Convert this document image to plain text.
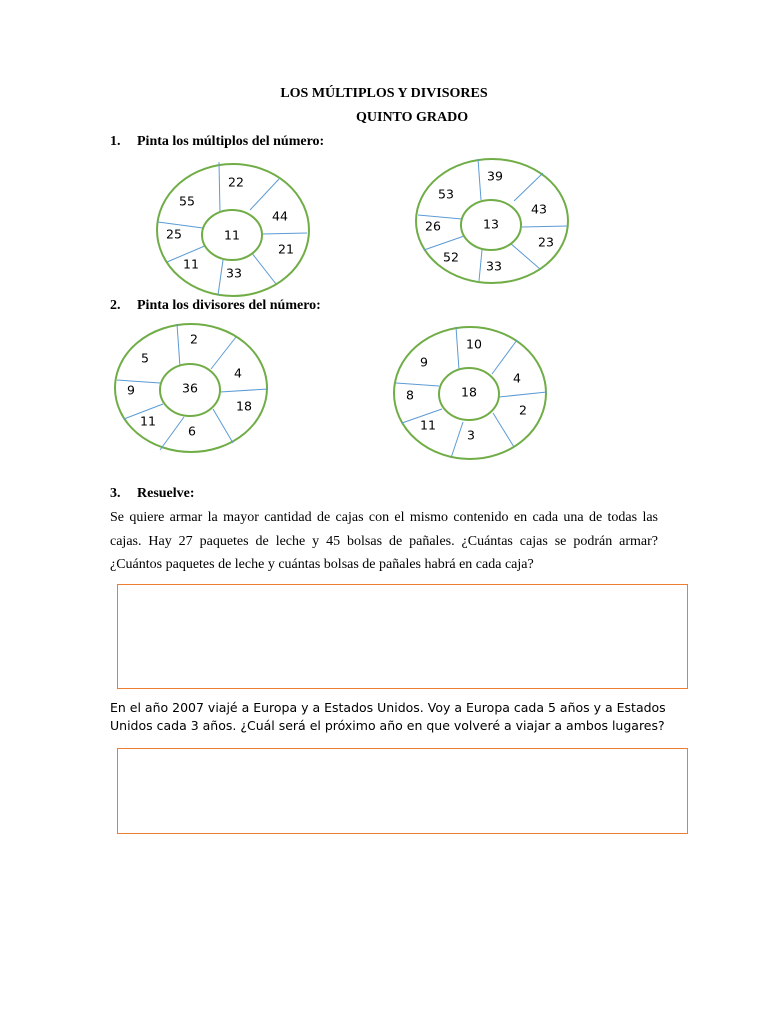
LOS MÚLTIPLOS Y DIVISORES
QUINTO GRADO
1. Pinta los múltiplos del número:
11
22
44
21
33
11
25
55
13
39
43
23
33
52
26
53
2. Pinta los divisores del número:
36
2
4
18
6
11
9
5
18
10
4
2
3
11
8
9
3. Resuelve:

Se quiere armar la mayor cantidad de cajas con el mismo contenido en cada una de todas las cajas. Hay 27 paquetes de leche y 45 bolsas de pañales. ¿Cuántas cajas se podrán armar? ¿Cuántos paquetes de leche y cuántas bolsas de pañales habrá en cada caja?

En el año 2007 viajé a Europa y a Estados Unidos. Voy a Europa cada 5 años y a Estados Unidos cada 3 años. ¿Cuál será el próximo año en que volveré a viajar a ambos lugares?
